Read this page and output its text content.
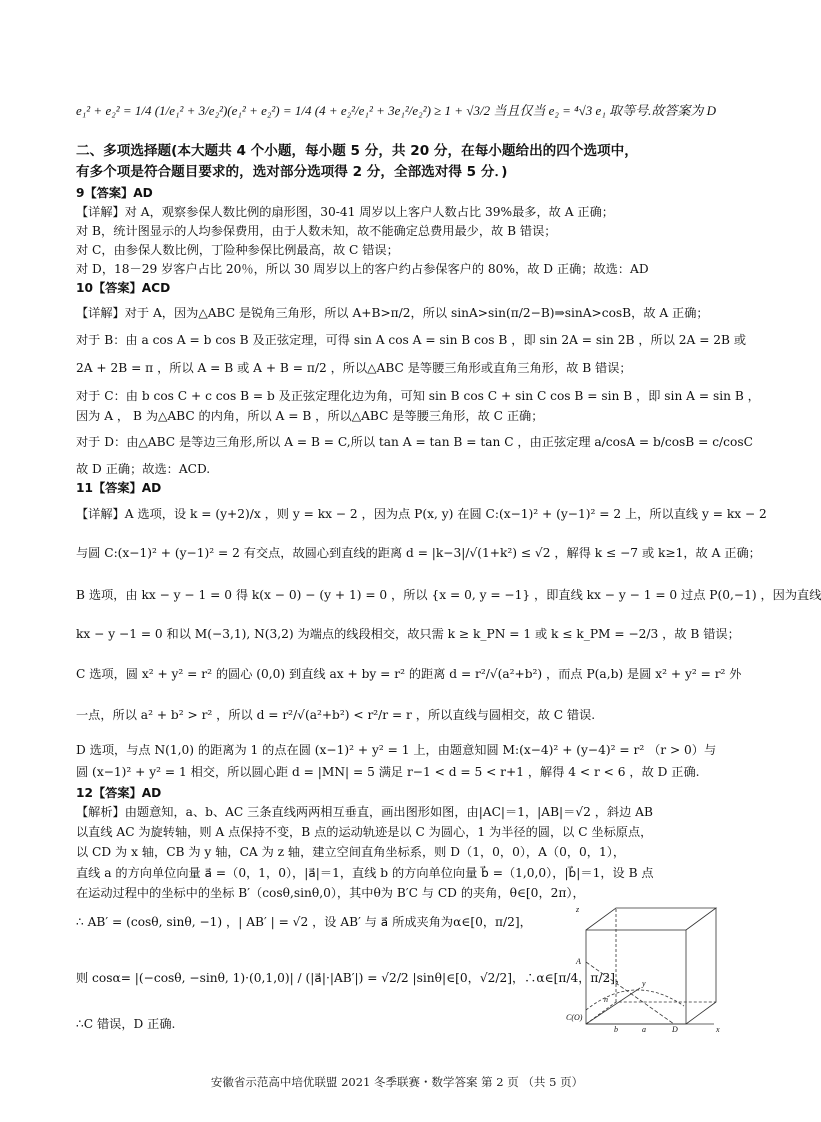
e₁² + e₂² = 1/4 (1/e₁² + 3/e₂²)(e₁² + e₂²) = 1/4 (4 + e₂²/e₁² + 3e₁²/e₂²) ≥ 1 + √3/2 当且仅当 e₂ = ⁴√3 e₁ 取等号.故答案为 D
二、多项选择题(本大题共 4 个小题，每小题 5 分，共 20 分，在每小题给出的四个选项中，
有多个项是符合题目要求的，选对部分选项得 2 分，全部选对得 5 分．)
9【答案】AD
【详解】对 A，观察参保人数比例的扇形图，30-41 周岁以上客户人数占比 39%最多，故 A 正确；
对 B，统计图显示的人均参保费用，由于人数未知，故不能确定总费用最少，故 B 错误；
对 C，由参保人数比例，丁险种参保比例最高，故 C 错误；
对 D，18－29 岁客户占比 20％，所以 30 周岁以上的客户约占参保客户的 80%，故 D 正确；故选：AD
10【答案】ACD
【详解】对于 A，因为△ABC 是锐角三角形，所以 A+B>π/2，所以 sinA>sin(π/2−B)⇒sinA>cosB，故 A 正确；
对于 B：由 a cos A = b cos B 及正弦定理，可得 sin A cos A = sin B cos B ，即 sin 2A = sin 2B ，所以 2A = 2B 或
2A + 2B = π ，所以 A = B 或 A + B = π/2 ，所以△ABC 是等腰三角形或直角三角形，故 B 错误；
对于 C：由 b cos C + c cos B = b 及正弦定理化边为角，可知 sin B cos C + sin C cos B = sin B ，即 sin A = sin B ，
因为 A ， B 为△ABC 的内角，所以 A = B ，所以△ABC 是等腰三角形，故 C 正确；
对于 D：由△ABC 是等边三角形,所以 A = B = C,所以 tan A = tan B = tan C ，由正弦定理 a/cosA = b/cosB = c/cosC
故 D 正确；故选：ACD.
11【答案】AD
【详解】A 选项，设 k = (y+2)/x ，则 y = kx − 2 ，因为点 P(x, y) 在圆 C:(x−1)² + (y−1)² = 2 上，所以直线 y = kx − 2
与圆 C:(x−1)² + (y−1)² = 2 有交点，故圆心到直线的距离 d = |k−3|/√(1+k²) ≤ √2 ，解得 k ≤ −7 或 k≥1，故 A 正确；
B 选项，由 kx − y − 1 = 0 得 k(x − 0) − (y + 1) = 0 ，所以 {x = 0, y = −1} ，即直线 kx − y − 1 = 0 过点 P(0,−1) ，因为直线
kx − y −1 = 0 和以 M(−3,1), N(3,2) 为端点的线段相交，故只需 k ≥ k_PN = 1 或 k ≤ k_PM = −2/3 ，故 B 错误；
C 选项，圆 x² + y² = r² 的圆心 (0,0) 到直线 ax + by = r² 的距离 d = r²/√(a²+b²) ，而点 P(a,b) 是圆 x² + y² = r² 外
一点，所以 a² + b² > r² ，所以 d = r²/√(a²+b²) < r²/r = r ，所以直线与圆相交，故 C 错误.
D 选项，与点 N(1,0) 的距离为 1 的点在圆 (x−1)² + y² = 1 上，由题意知圆 M:(x−4)² + (y−4)² = r² （r > 0）与
圆 (x−1)² + y² = 1 相交，所以圆心距 d = |MN| = 5 满足 r−1 < d = 5 < r+1 ，解得 4 < r < 6 ，故 D 正确.
12【答案】AD
【解析】由题意知，a、b、AC 三条直线两两相互垂直，画出图形如图，由|AC|＝1，|AB|＝√2 ，斜边 AB
以直线 AC 为旋转轴，则 A 点保持不变，B 点的运动轨迹是以 C 为圆心，1 为半径的圆，以 C 坐标原点，
以 CD 为 x 轴，CB 为 y 轴，CA 为 z 轴，建立空间直角坐标系，则 D（1，0，0），A（0，0，1），
直线 a 的方向单位向量 a⃗ =（0，1，0），|a⃗|＝1，直线 b 的方向单位向量 b⃗ =（1,0,0），|b⃗|＝1，设 B 点
在运动过程中的坐标中的坐标 B′（cosθ,sinθ,0），其中θ为 B′C 与 CD 的夹角，θ∈[0，2π），
∴ AB′ = (cosθ, sinθ, −1) ，| AB′ | = √2 ，设 AB′ 与 a⃗ 所成夹角为α∈[0，π/2]，
则 cosα= |(−cosθ, −sinθ, 1)·(0,1,0)| / (|a⃗|·|AB′|) = √2/2 |sinθ|∈[0，√2/2]，∴α∈[π/4，π/2]，
∴C 错误，D 正确.
A
y
n
C(O)
b	a	D	x
z
安徽省示范高中培优联盟 2021 冬季联赛・数学答案 第 2 页 （共 5 页）
